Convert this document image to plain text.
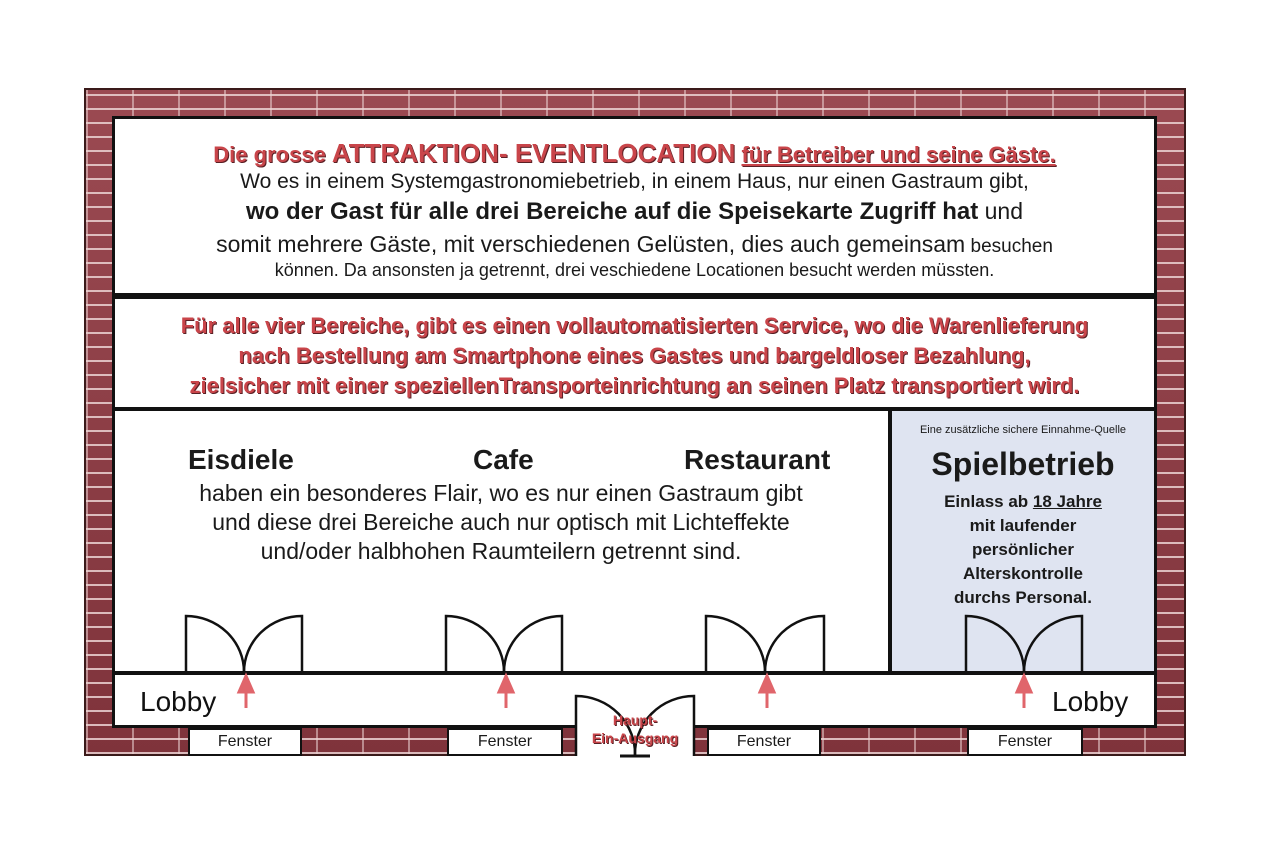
Die grosse ATTRAKTION- EVENTLOCATION für Betreiber und seine Gäste.
Wo es in einem Systemgastronomiebetrieb, in einem Haus, nur einen Gastraum gibt,
wo der Gast für alle drei Bereiche auf die Speisekarte Zugriff hat und
somit mehrere Gäste, mit verschiedenen Gelüsten, dies auch gemeinsam besuchen
können. Da ansonsten ja getrennt, drei veschiedene Locationen besucht werden müssten.
Für alle vier Bereiche, gibt es einen vollautomatisierten Service, wo die Warenlieferung
nach Bestellung am Smartphone eines Gastes und bargeldloser Bezahlung,
zielsicher mit einer speziellenTransporteinrichtung an seinen Platz transportiert wird.
Eisdiele	Cafe	Restaurant
haben ein besonderes Flair, wo es nur einen Gastraum gibt
und diese drei Bereiche auch nur optisch mit Lichteffekte
und/oder halbhohen Raumteilern getrennt sind.
Eine zusätzliche sichere Einnahme-Quelle
Spielbetrieb
Einlass ab 18 Jahre
mit laufender
persönlicher
Alterskontrolle
durchs Personal.
Lobby	Lobby
Fenster	Fenster	Fenster	Fenster
Haupt-
Ein-Ausgang
